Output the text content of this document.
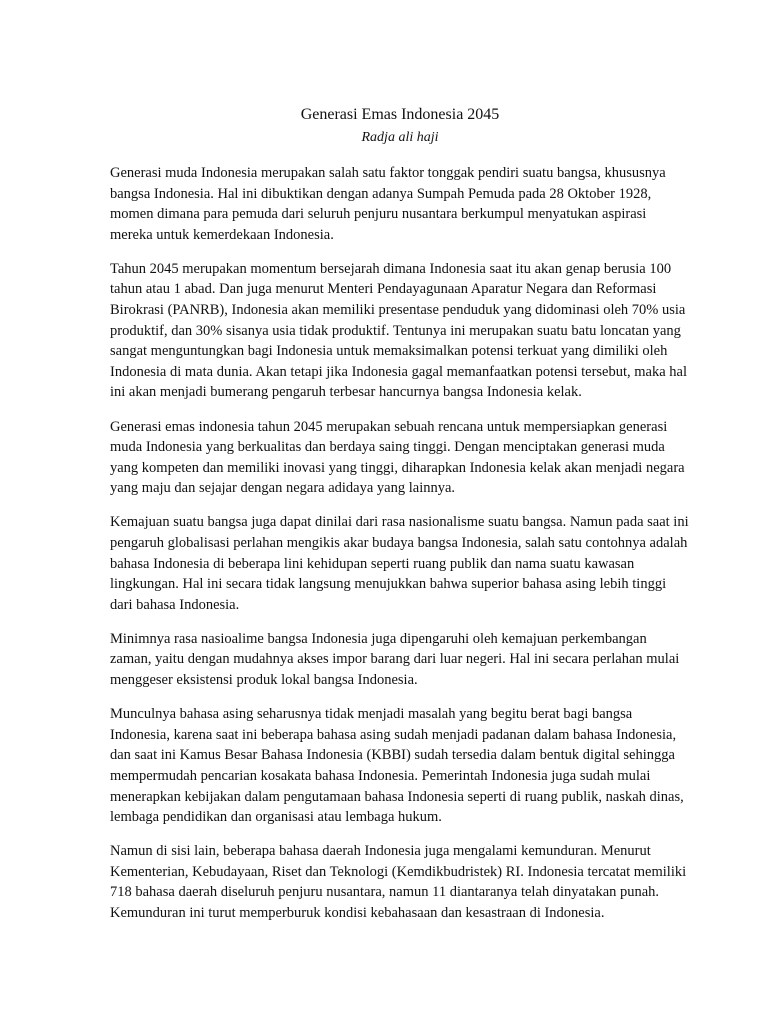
Generasi Emas Indonesia 2045
Radja ali haji

Generasi muda Indonesia merupakan salah satu faktor tonggak pendiri suatu bangsa, khususnya bangsa Indonesia. Hal ini dibuktikan dengan adanya Sumpah Pemuda pada 28 Oktober 1928, momen dimana para pemuda dari seluruh penjuru nusantara berkumpul menyatukan aspirasi mereka untuk kemerdekaan Indonesia.

Tahun 2045 merupakan momentum bersejarah dimana Indonesia saat itu akan genap berusia 100 tahun atau 1 abad. Dan juga menurut Menteri Pendayagunaan Aparatur Negara dan Reformasi Birokrasi (PANRB), Indonesia akan memiliki presentase penduduk yang didominasi oleh 70% usia produktif, dan 30% sisanya usia tidak produktif. Tentunya ini merupakan suatu batu loncatan yang sangat menguntungkan bagi Indonesia untuk memaksimalkan potensi terkuat yang dimiliki oleh Indonesia di mata dunia. Akan tetapi jika Indonesia gagal memanfaatkan potensi tersebut, maka hal ini akan menjadi bumerang pengaruh terbesar hancurnya bangsa Indonesia kelak.

Generasi emas indonesia tahun 2045 merupakan sebuah rencana untuk mempersiapkan generasi muda Indonesia yang berkualitas dan berdaya saing tinggi. Dengan menciptakan generasi muda yang kompeten dan memiliki inovasi yang tinggi, diharapkan Indonesia kelak akan menjadi negara yang maju dan sejajar dengan negara adidaya yang lainnya.

Kemajuan suatu bangsa juga dapat dinilai dari rasa nasionalisme suatu bangsa. Namun pada saat ini pengaruh globalisasi perlahan mengikis akar budaya bangsa Indonesia, salah satu contohnya adalah bahasa Indonesia di beberapa lini kehidupan seperti ruang publik dan nama suatu kawasan lingkungan. Hal ini secara tidak langsung menujukkan bahwa superior bahasa asing lebih tinggi dari bahasa Indonesia.

Minimnya rasa nasioalime bangsa Indonesia juga dipengaruhi oleh kemajuan perkembangan zaman, yaitu dengan mudahnya akses impor barang dari luar negeri. Hal ini secara perlahan mulai menggeser eksistensi produk lokal bangsa Indonesia.

Munculnya bahasa asing seharusnya tidak menjadi masalah yang begitu berat bagi bangsa Indonesia, karena saat ini beberapa bahasa asing sudah menjadi padanan dalam bahasa Indonesia, dan saat ini Kamus Besar Bahasa Indonesia (KBBI) sudah tersedia dalam bentuk digital sehingga mempermudah pencarian kosakata bahasa Indonesia. Pemerintah Indonesia juga sudah mulai menerapkan kebijakan dalam pengutamaan bahasa Indonesia seperti di ruang publik, naskah dinas, lembaga pendidikan dan organisasi atau lembaga hukum.

Namun di sisi lain, beberapa bahasa daerah Indonesia juga mengalami kemunduran. Menurut Kementerian, Kebudayaan, Riset dan Teknologi (Kemdikbudristek) RI. Indonesia tercatat memiliki 718 bahasa daerah diseluruh penjuru nusantara, namun 11 diantaranya telah dinyatakan punah. Kemunduran ini turut memperburuk kondisi kebahasaan dan kesastraan di Indonesia.
